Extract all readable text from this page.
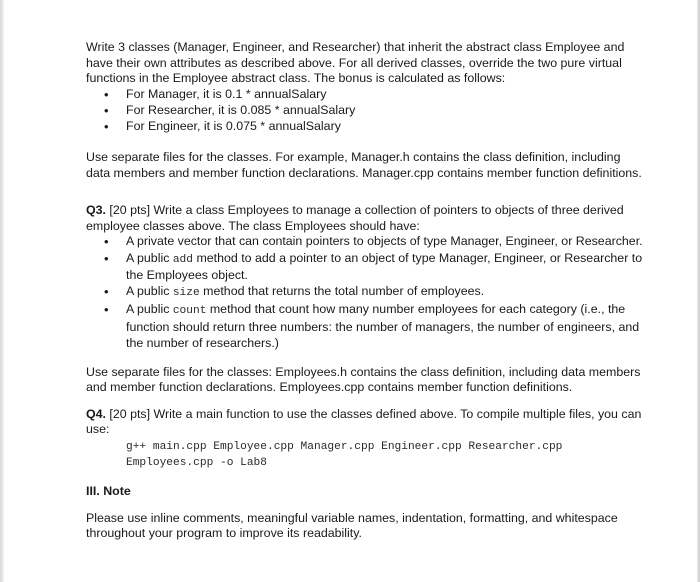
Write 3 classes (Manager, Engineer, and Researcher) that inherit the abstract class Employee and have their own attributes as described above. For all derived classes, override the two pure virtual functions in the Employee abstract class. The bonus is calculated as follows:

• For Manager, it is 0.1 * annualSalary
• For Researcher, it is 0.085 * annualSalary
• For Engineer, it is 0.075 * annualSalary

Use separate files for the classes. For example, Manager.h contains the class definition, including data members and member function declarations. Manager.cpp contains member function definitions.

Q3. [20 pts] Write a class Employees to manage a collection of pointers to objects of three derived employee classes above. The class Employees should have:

• A private vector that can contain pointers to objects of type Manager, Engineer, or Researcher.
• A public add method to add a pointer to an object of type Manager, Engineer, or Researcher to the Employees object.
• A public size method that returns the total number of employees.
• A public count method that count how many number employees for each category (i.e., the function should return three numbers: the number of managers, the number of engineers, and the number of researchers.)

Use separate files for the classes: Employees.h contains the class definition, including data members and member function declarations. Employees.cpp contains member function definitions.

Q4. [20 pts] Write a main function to use the classes defined above. To compile multiple files, you can use:

g++ main.cpp Employee.cpp Manager.cpp Engineer.cpp Researcher.cpp
Employees.cpp -o Lab8

III. Note

Please use inline comments, meaningful variable names, indentation, formatting, and whitespace throughout your program to improve its readability.
